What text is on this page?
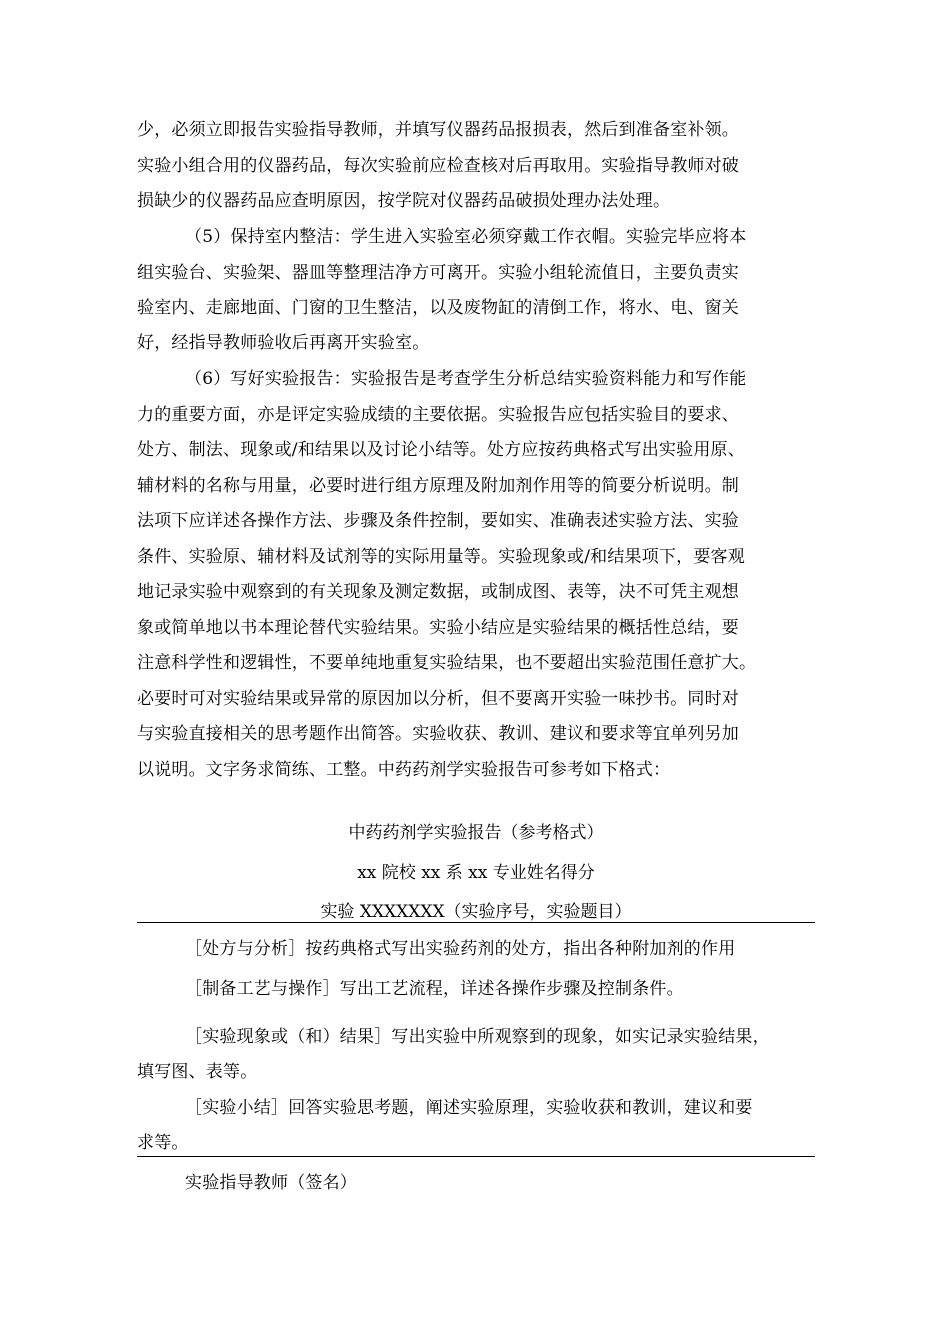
少，必须立即报告实验指导教师，并填写仪器药品报损表，然后到准备室补领。
实验小组合用的仪器药品，每次实验前应检查核对后再取用。实验指导教师对破
损缺少的仪器药品应查明原因，按学院对仪器药品破损处理办法处理。
（5）保持室内整洁：学生进入实验室必须穿戴工作衣帽。实验完毕应将本
组实验台、实验架、器皿等整理洁净方可离开。实验小组轮流值日，主要负责实
验室内、走廊地面、门窗的卫生整洁，以及废物缸的清倒工作，将水、电、窗关
好，经指导教师验收后再离开实验室。
（6）写好实验报告：实验报告是考查学生分析总结实验资料能力和写作能
力的重要方面，亦是评定实验成绩的主要依据。实验报告应包括实验目的要求、
处方、制法、现象或/和结果以及讨论小结等。处方应按药典格式写出实验用原、
辅材料的名称与用量，必要时进行组方原理及附加剂作用等的简要分析说明。制
法项下应详述各操作方法、步骤及条件控制，要如实、准确表述实验方法、实验
条件、实验原、辅材料及试剂等的实际用量等。实验现象或/和结果项下，要客观
地记录实验中观察到的有关现象及测定数据，或制成图、表等，决不可凭主观想
象或简单地以书本理论替代实验结果。实验小结应是实验结果的概括性总结，要
注意科学性和逻辑性，不要单纯地重复实验结果，也不要超出实验范围任意扩大。
必要时可对实验结果或异常的原因加以分析，但不要离开实验一味抄书。同时对
与实验直接相关的思考题作出简答。实验收获、教训、建议和要求等宜单列另加
以说明。文字务求简练、工整。中药药剂学实验报告可参考如下格式：
中药药剂学实验报告（参考格式）
xx 院校 xx 系 xx 专业姓名得分
实验 XXXXXXX（实验序号，实验题目）
［处方与分析］按药典格式写出实验药剂的处方，指出各种附加剂的作用
［制备工艺与操作］写出工艺流程，详述各操作步骤及控制条件。
［实验现象或（和）结果］写出实验中所观察到的现象，如实记录实验结果，
填写图、表等。
［实验小结］回答实验思考题，阐述实验原理，实验收获和教训，建议和要
求等。
实验指导教师（签名）
